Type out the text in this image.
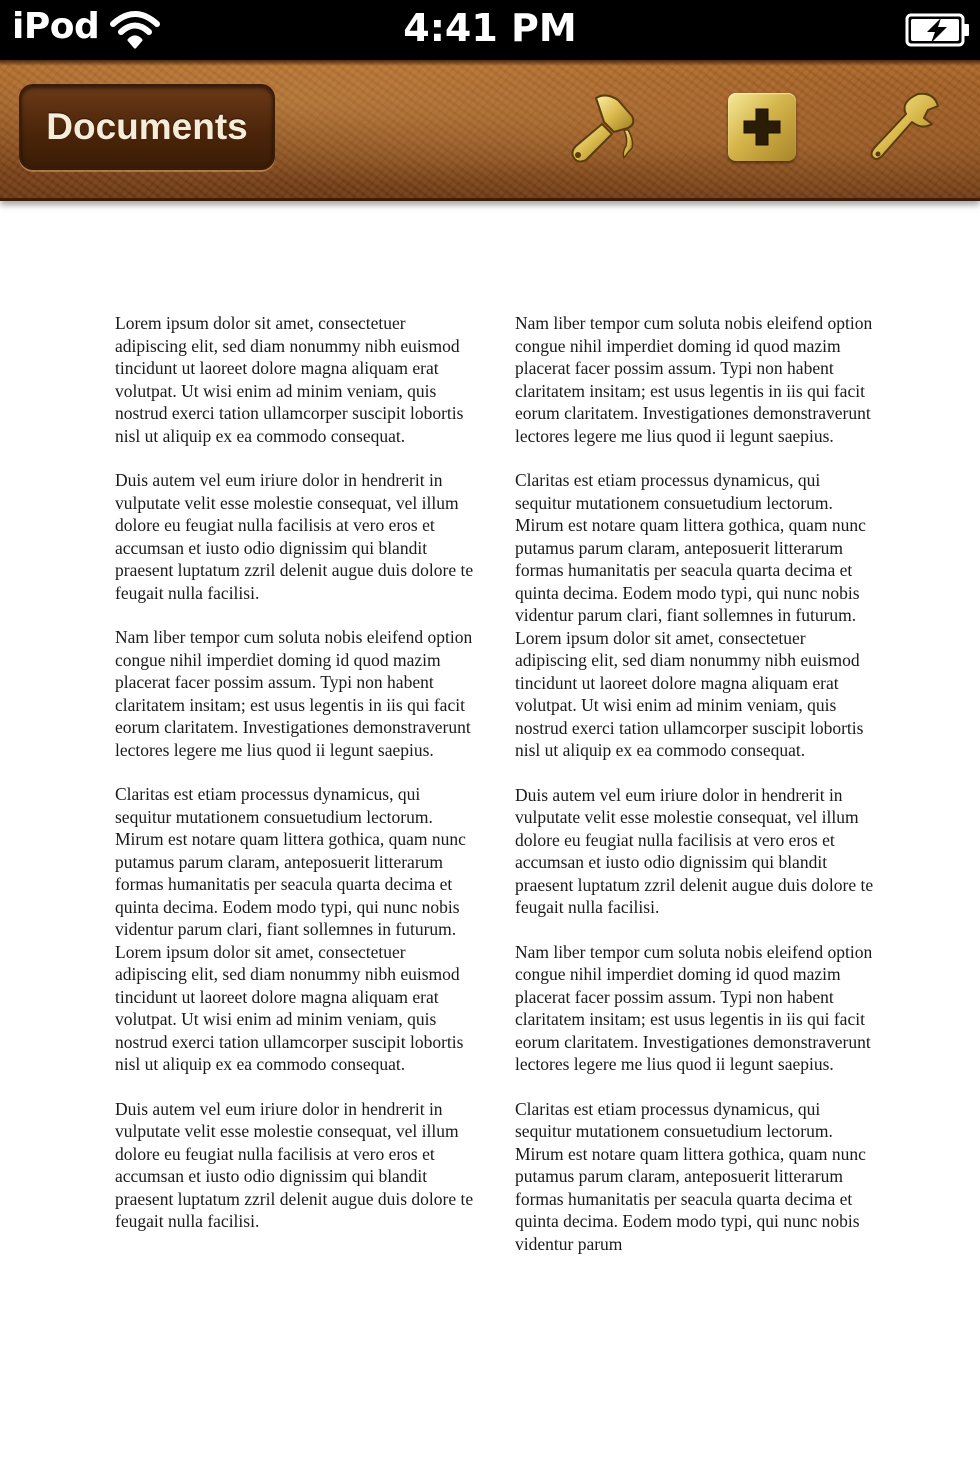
iPod	4:41 PM
Documents

Lorem ipsum dolor sit amet, consectetuer adipiscing elit, sed diam nonummy nibh euismod tincidunt ut laoreet dolore magna aliquam erat volutpat. Ut wisi enim ad minim veniam, quis nostrud exerci tation ullamcorper suscipit lobortis nisl ut aliquip ex ea commodo consequat.

Duis autem vel eum iriure dolor in hendrerit in vulputate velit esse molestie consequat, vel illum dolore eu feugiat nulla facilisis at vero eros et accumsan et iusto odio dignissim qui blandit praesent luptatum zzril delenit augue duis dolore te feugait nulla facilisi.

Nam liber tempor cum soluta nobis eleifend option congue nihil imperdiet doming id quod mazim placerat facer possim assum. Typi non habent claritatem insitam; est usus legentis in iis qui facit eorum claritatem. Investigationes demonstraverunt lectores legere me lius quod ii legunt saepius.

Claritas est etiam processus dynamicus, qui sequitur mutationem consuetudium lectorum. Mirum est notare quam littera gothica, quam nunc putamus parum claram, anteposuerit litterarum formas humanitatis per seacula quarta decima et quinta decima. Eodem modo typi, qui nunc nobis videntur parum clari, fiant sollemnes in futurum. Lorem ipsum dolor sit amet, consectetuer adipiscing elit, sed diam nonummy nibh euismod tincidunt ut laoreet dolore magna aliquam erat volutpat. Ut wisi enim ad minim veniam, quis nostrud exerci tation ullamcorper suscipit lobortis nisl ut aliquip ex ea commodo consequat.

Duis autem vel eum iriure dolor in hendrerit in vulputate velit esse molestie consequat, vel illum dolore eu feugiat nulla facilisis at vero eros et accumsan et iusto odio dignissim qui blandit praesent luptatum zzril delenit augue duis dolore te feugait nulla facilisi.

Nam liber tempor cum soluta nobis eleifend option congue nihil imperdiet doming id quod mazim placerat facer possim assum. Typi non habent claritatem insitam; est usus legentis in iis qui facit eorum claritatem. Investigationes demonstraverunt lectores legere me lius quod ii legunt saepius.

Claritas est etiam processus dynamicus, qui sequitur mutationem consuetudium lectorum. Mirum est notare quam littera gothica, quam nunc putamus parum claram, anteposuerit litterarum formas humanitatis per seacula quarta decima et quinta decima. Eodem modo typi, qui nunc nobis videntur parum clari, fiant sollemnes in futurum. Lorem ipsum dolor sit amet, consectetuer adipiscing elit, sed diam nonummy nibh euismod tincidunt ut laoreet dolore magna aliquam erat volutpat. Ut wisi enim ad minim veniam, quis nostrud exerci tation ullamcorper suscipit lobortis nisl ut aliquip ex ea commodo consequat.

Duis autem vel eum iriure dolor in hendrerit in vulputate velit esse molestie consequat, vel illum dolore eu feugiat nulla facilisis at vero eros et accumsan et iusto odio dignissim qui blandit praesent luptatum zzril delenit augue duis dolore te feugait nulla facilisi.

Nam liber tempor cum soluta nobis eleifend option congue nihil imperdiet doming id quod mazim placerat facer possim assum. Typi non habent claritatem insitam; est usus legentis in iis qui facit eorum claritatem. Investigationes demonstraverunt lectores legere me lius quod ii legunt saepius.

Claritas est etiam processus dynamicus, qui sequitur mutationem consuetudium lectorum. Mirum est notare quam littera gothica, quam nunc putamus parum claram, anteposuerit litterarum formas humanitatis per seacula quarta decima et quinta decima. Eodem modo typi, qui nunc nobis videntur parum
